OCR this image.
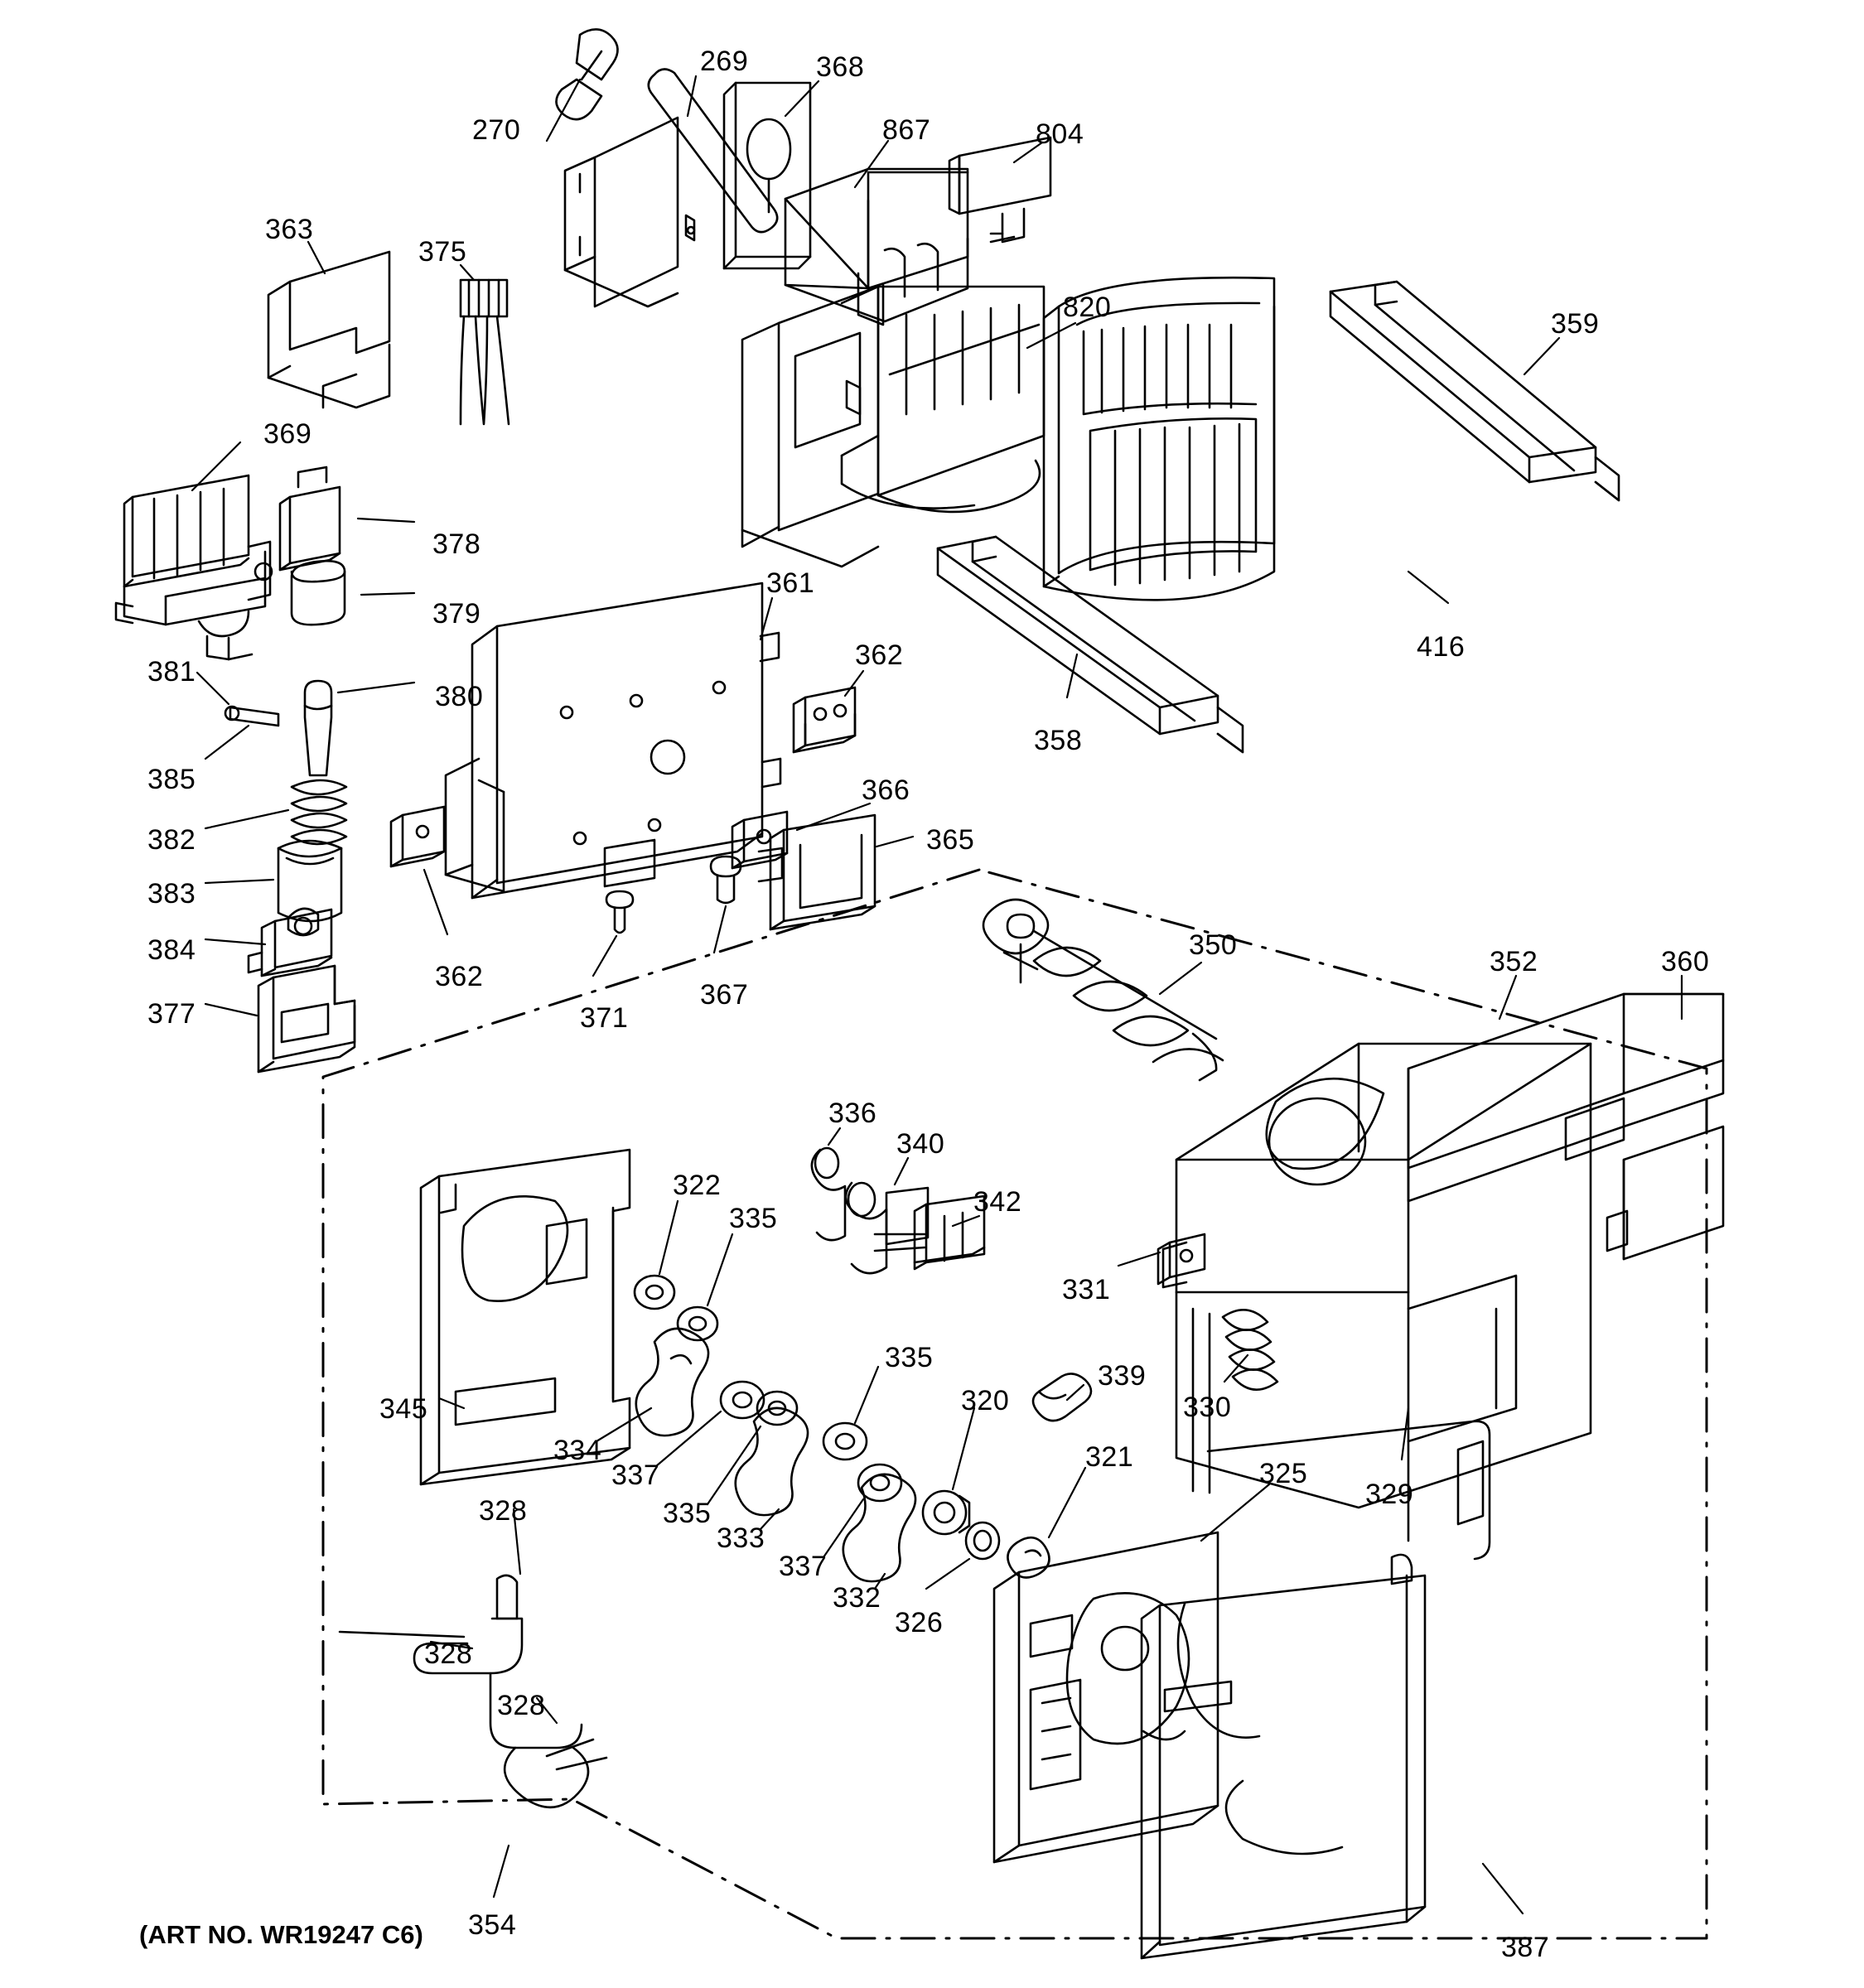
270
269 368
867	804
363
375
820
359
369
378
379
361
416
362
381
380
358
385
382
366
365
383
384
362
377	371
367
350
352	360
336
340
322
342
335
331
345
335
339
320	330
334
337
321
325
329
335
333
337
332
326
328
328
328
354
387
(ART NO. WR19247 C6)
